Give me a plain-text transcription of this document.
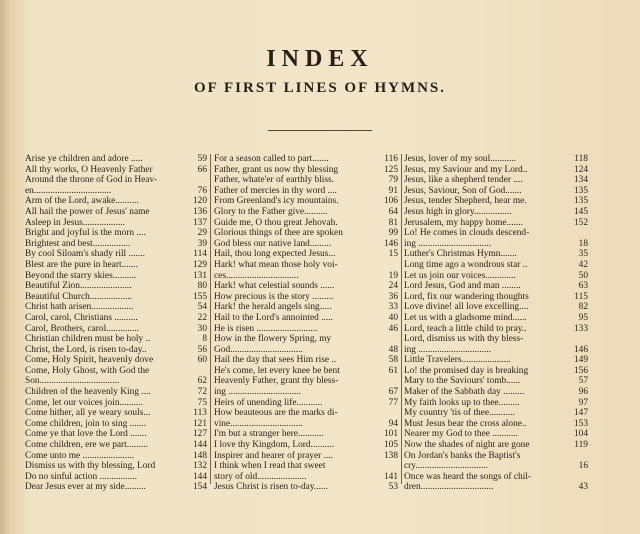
INDEX
OF FIRST LINES OF HYMNS.
Arise ye children and adore .....	59
All thy works, O Heavenly Father	66
Around the throne of God in Heav-
en.................................	76
Arm of the Lord, awake..........	120
All hail the power of Jesus' name	136
Asleep in Jesus..................	137
Bright and joyful is the morn ....	29
Brightest and best................	39
By cool Siloam's shady rill .......	114
Blest are the pure in heart.......	129
Beyond the starry skies..........	131
Beautiful Zion......................	80
Beautiful Church..................	155
Christ hath arisen..................	54
Carol, carol, Christians ..........	22
Carol, Brothers, carol..............	30
Christian children must be holy ..	8
Christ, the Lord, is risen to-day..	56
Come, Holy Spirit, heavenly dove	60
Come, Holy Ghost, with God the
Son..................................	62
Children of the heavenly King ....	72
Come, let our voices join..........	75
Come hither, all ye weary souls...	113
Come children, join to sing .......	121
Come ye that love the Lord .......	127
Come children, ere we part.........	144
Come unto me ......................	148
Dismiss us with thy blessing, Lord	132
Do no sinful action ................	144
Dear Jesus ever at my side.........	154
For a season called to part.......	116
Father, grant us now thy blessing	125
Father, whate'er of earthly bliss.	79
Father of mercies in thy word ....	91
From Greenland's icy mountains.	106
Glory to the Father give..........	64
Guide me, O thou great Jehovah.	81
Glorious things of thee are spoken	99
God bless our native land.........	146
Hail, thou long expected Jesus...	15
Hark! what mean those holy voi-
ces...............................	19
Hark! what celestial sounds ......	24
How precious is the story .........	36
Hark! the herald angels sing.....	33
Hail to the Lord's annointed .....	40
He is risen ..........................	46
How in the flowery Spring, my
God...............................	48
Hail the day that sees Him rise ..	58
He's come, let every knee be bent	61
Heavenly Father, grant thy bless-
ing ...............................	67
Heirs of unending life...........	77
How beauteous are the marks di-
vine...............................	94
I'm but a stranger here...........	101
I love thy Kingdom, Lord..........	105
Inspirer and hearer of prayer ....	138
I think when I read that sweet
story of old.....................	141
Jesus Christ is risen to-day......	53
Jesus, lover of my soul...........	118
Jesus, my Saviour and my Lord..	124
Jesus, like a shepherd tender ....	134
Jesus, Saviour, Son of God.......	135
Jesus, tender Shepherd, hear me.	135
Jesus high in glory................	145
Jerusalem, my happy home.......	152
Lo! He comes in clouds descend-
ing ...............................	18
Luther's Christmas Hymn.......	35
Long time ago a wondrous star ..	42
Let us join our voices.............	50
Lord Jesus, God and man ........	63
Lord, fix our wandering thoughts	115
Love divine! all love excelling....	82
Let us with a gladsome mind......	95
Lord, teach a little child to pray..	133
Lord, dismiss us with thy bless-
ing ...............................	146
Little Travelers.....................	149
Lo! the promised day is breaking	156
Mary to the Saviours' tomb......	57
Maker of the Sabbath day .........	96
My faith looks up to thee.........	97
My country 'tis of thee...........	147
Must Jesus bear the cross alone..	153
Nearer my God to thee ...........	104
Now the shades of night are gone	119
On Jordan's banks the Baptist's
cry...............................	16
Once was heard the songs of chil-
dren...............................	43
